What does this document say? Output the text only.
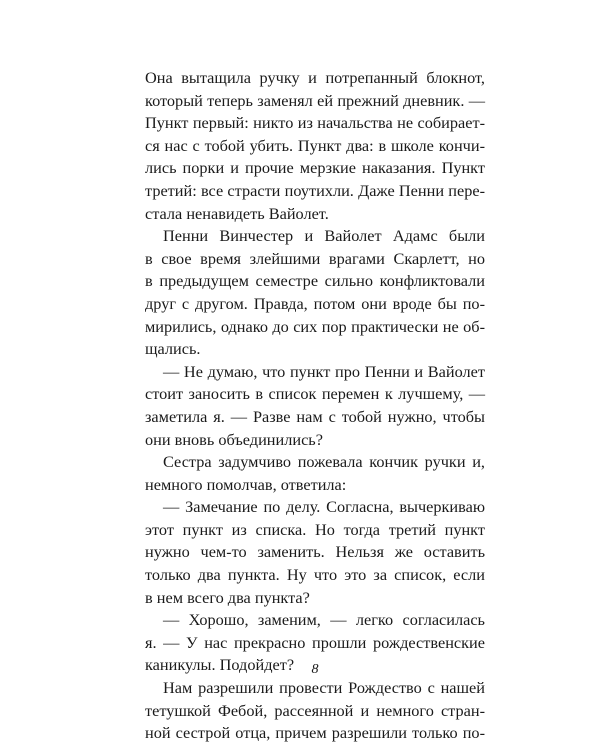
Она вытащила ручку и потрепанный блокнот,
который теперь заменял ей прежний дневник. —
Пункт первый: никто из начальства не собирает-
ся нас с тобой убить. Пункт два: в школе кончи-
лись порки и прочие мерзкие наказания. Пункт
третий: все страсти поутихли. Даже Пенни пере-
стала ненавидеть Вайолет.
Пенни Винчестер и Вайолет Адамс были
в свое время злейшими врагами Скарлетт, но
в предыдущем семестре сильно конфликтовали
друг с другом. Правда, потом они вроде бы по-
мирились, однако до сих пор практически не об-
щались.
— Не думаю, что пункт про Пенни и Вайолет
стоит заносить в список перемен к лучшему, —
заметила я. — Разве нам с тобой нужно, чтобы
они вновь объединились?
Сестра задумчиво пожевала кончик ручки и,
немного помолчав, ответила:
— Замечание по делу. Согласна, вычеркиваю
этот пункт из списка. Но тогда третий пункт
нужно чем-то заменить. Нельзя же оставить
только два пункта. Ну что это за список, если
в нем всего два пункта?
— Хорошо, заменим, — легко согласилась
я. — У нас прекрасно прошли рождественские
каникулы. Подойдет?
Нам разрешили провести Рождество с нашей
тетушкой Фебой, рассеянной и немного стран-
ной сестрой отца, причем разрешили только по-
8
